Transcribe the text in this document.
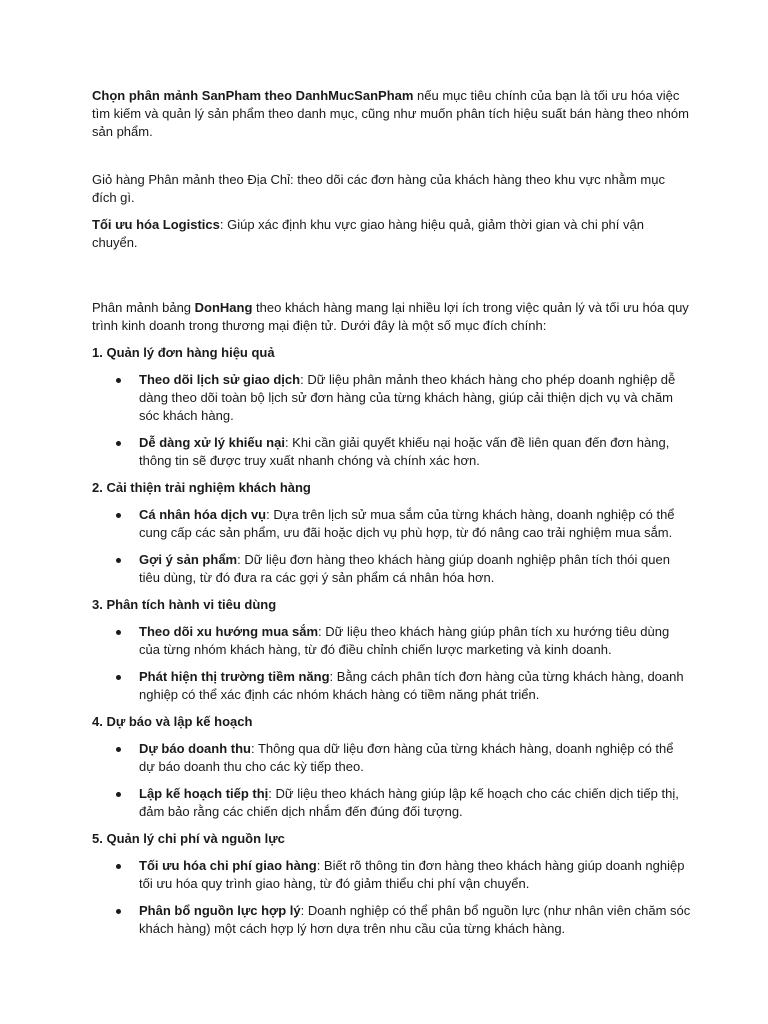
Chọn phân mảnh SanPham theo DanhMucSanPham nếu mục tiêu chính của bạn là tối ưu hóa việc tìm kiếm và quản lý sản phẩm theo danh mục, cũng như muốn phân tích hiệu suất bán hàng theo nhóm sản phẩm.

Giỏ hàng Phân mảnh theo Địa Chỉ: theo dõi các đơn hàng của khách hàng theo khu vực nhằm mục đích gì.

Tối ưu hóa Logistics: Giúp xác định khu vực giao hàng hiệu quả, giảm thời gian và chi phí vận chuyển.

Phân mảnh bảng DonHang theo khách hàng mang lại nhiều lợi ích trong việc quản lý và tối ưu hóa quy trình kinh doanh trong thương mại điện tử. Dưới đây là một số mục đích chính:

1. Quản lý đơn hàng hiệu quả

Theo dõi lịch sử giao dịch: Dữ liệu phân mảnh theo khách hàng cho phép doanh nghiệp dễ dàng theo dõi toàn bộ lịch sử đơn hàng của từng khách hàng, giúp cải thiện dịch vụ và chăm sóc khách hàng.
Dễ dàng xử lý khiếu nại: Khi cần giải quyết khiếu nại hoặc vấn đề liên quan đến đơn hàng, thông tin sẽ được truy xuất nhanh chóng và chính xác hơn.

2. Cải thiện trải nghiệm khách hàng

Cá nhân hóa dịch vụ: Dựa trên lịch sử mua sắm của từng khách hàng, doanh nghiệp có thể cung cấp các sản phẩm, ưu đãi hoặc dịch vụ phù hợp, từ đó nâng cao trải nghiệm mua sắm.
Gợi ý sản phẩm: Dữ liệu đơn hàng theo khách hàng giúp doanh nghiệp phân tích thói quen tiêu dùng, từ đó đưa ra các gợi ý sản phẩm cá nhân hóa hơn.

3. Phân tích hành vi tiêu dùng

Theo dõi xu hướng mua sắm: Dữ liệu theo khách hàng giúp phân tích xu hướng tiêu dùng của từng nhóm khách hàng, từ đó điều chỉnh chiến lược marketing và kinh doanh.
Phát hiện thị trường tiềm năng: Bằng cách phân tích đơn hàng của từng khách hàng, doanh nghiệp có thể xác định các nhóm khách hàng có tiềm năng phát triển.

4. Dự báo và lập kế hoạch

Dự báo doanh thu: Thông qua dữ liệu đơn hàng của từng khách hàng, doanh nghiệp có thể dự báo doanh thu cho các kỳ tiếp theo.
Lập kế hoạch tiếp thị: Dữ liệu theo khách hàng giúp lập kế hoạch cho các chiến dịch tiếp thị, đảm bảo rằng các chiến dịch nhắm đến đúng đối tượng.

5. Quản lý chi phí và nguồn lực

Tối ưu hóa chi phí giao hàng: Biết rõ thông tin đơn hàng theo khách hàng giúp doanh nghiệp tối ưu hóa quy trình giao hàng, từ đó giảm thiểu chi phí vận chuyển.
Phân bổ nguồn lực hợp lý: Doanh nghiệp có thể phân bổ nguồn lực (như nhân viên chăm sóc khách hàng) một cách hợp lý hơn dựa trên nhu cầu của từng khách hàng.
